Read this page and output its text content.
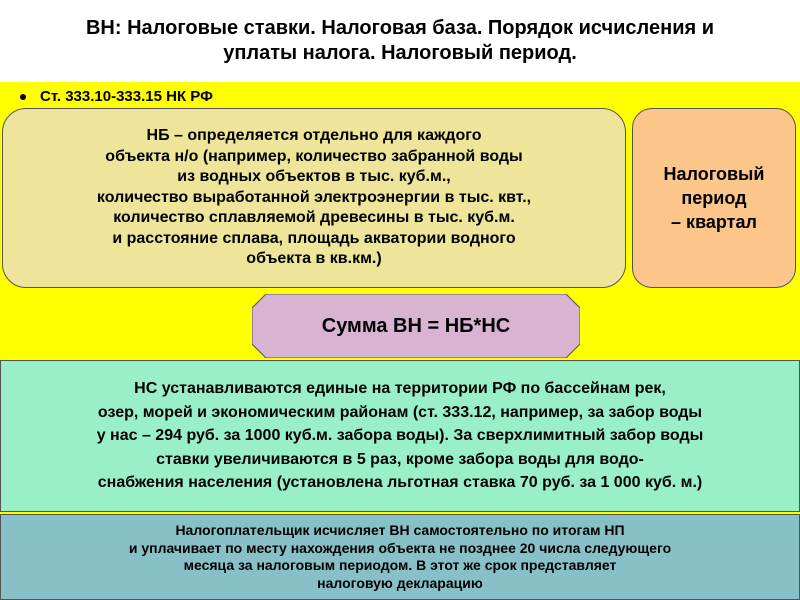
ВН: Налоговые ставки. Налоговая база. Порядок исчисления и
уплаты налога. Налоговый период.
Ст. 333.10-333.15 НК РФ
НБ – определяется отдельно для каждого
объекта н/о (например, количество забранной воды
из водных объектов в тыс. куб.м.,
количество выработанной электроэнергии в тыс. квт.,
количество сплавляемой древесины в тыс. куб.м.
и расстояние сплава, площадь акватории водного
объекта в кв.км.)
Налоговый
период
– квартал
Сумма ВН = НБ*НС
НС устанавливаются единые на территории РФ по бассейнам рек,
озер, морей и экономическим районам (ст. 333.12, например, за забор воды
у нас – 294 руб. за 1000 куб.м. забора воды). За сверхлимитный забор воды
ставки увеличиваются в 5 раз, кроме забора воды для водо-
снабжения населения (установлена льготная ставка 70 руб. за 1 000 куб. м.)
Налогоплательщик исчисляет ВН самостоятельно по итогам НП
и уплачивает по месту нахождения объекта не позднее 20 числа следующего
месяца за налоговым периодом. В этот же срок представляет
налоговую декларацию
